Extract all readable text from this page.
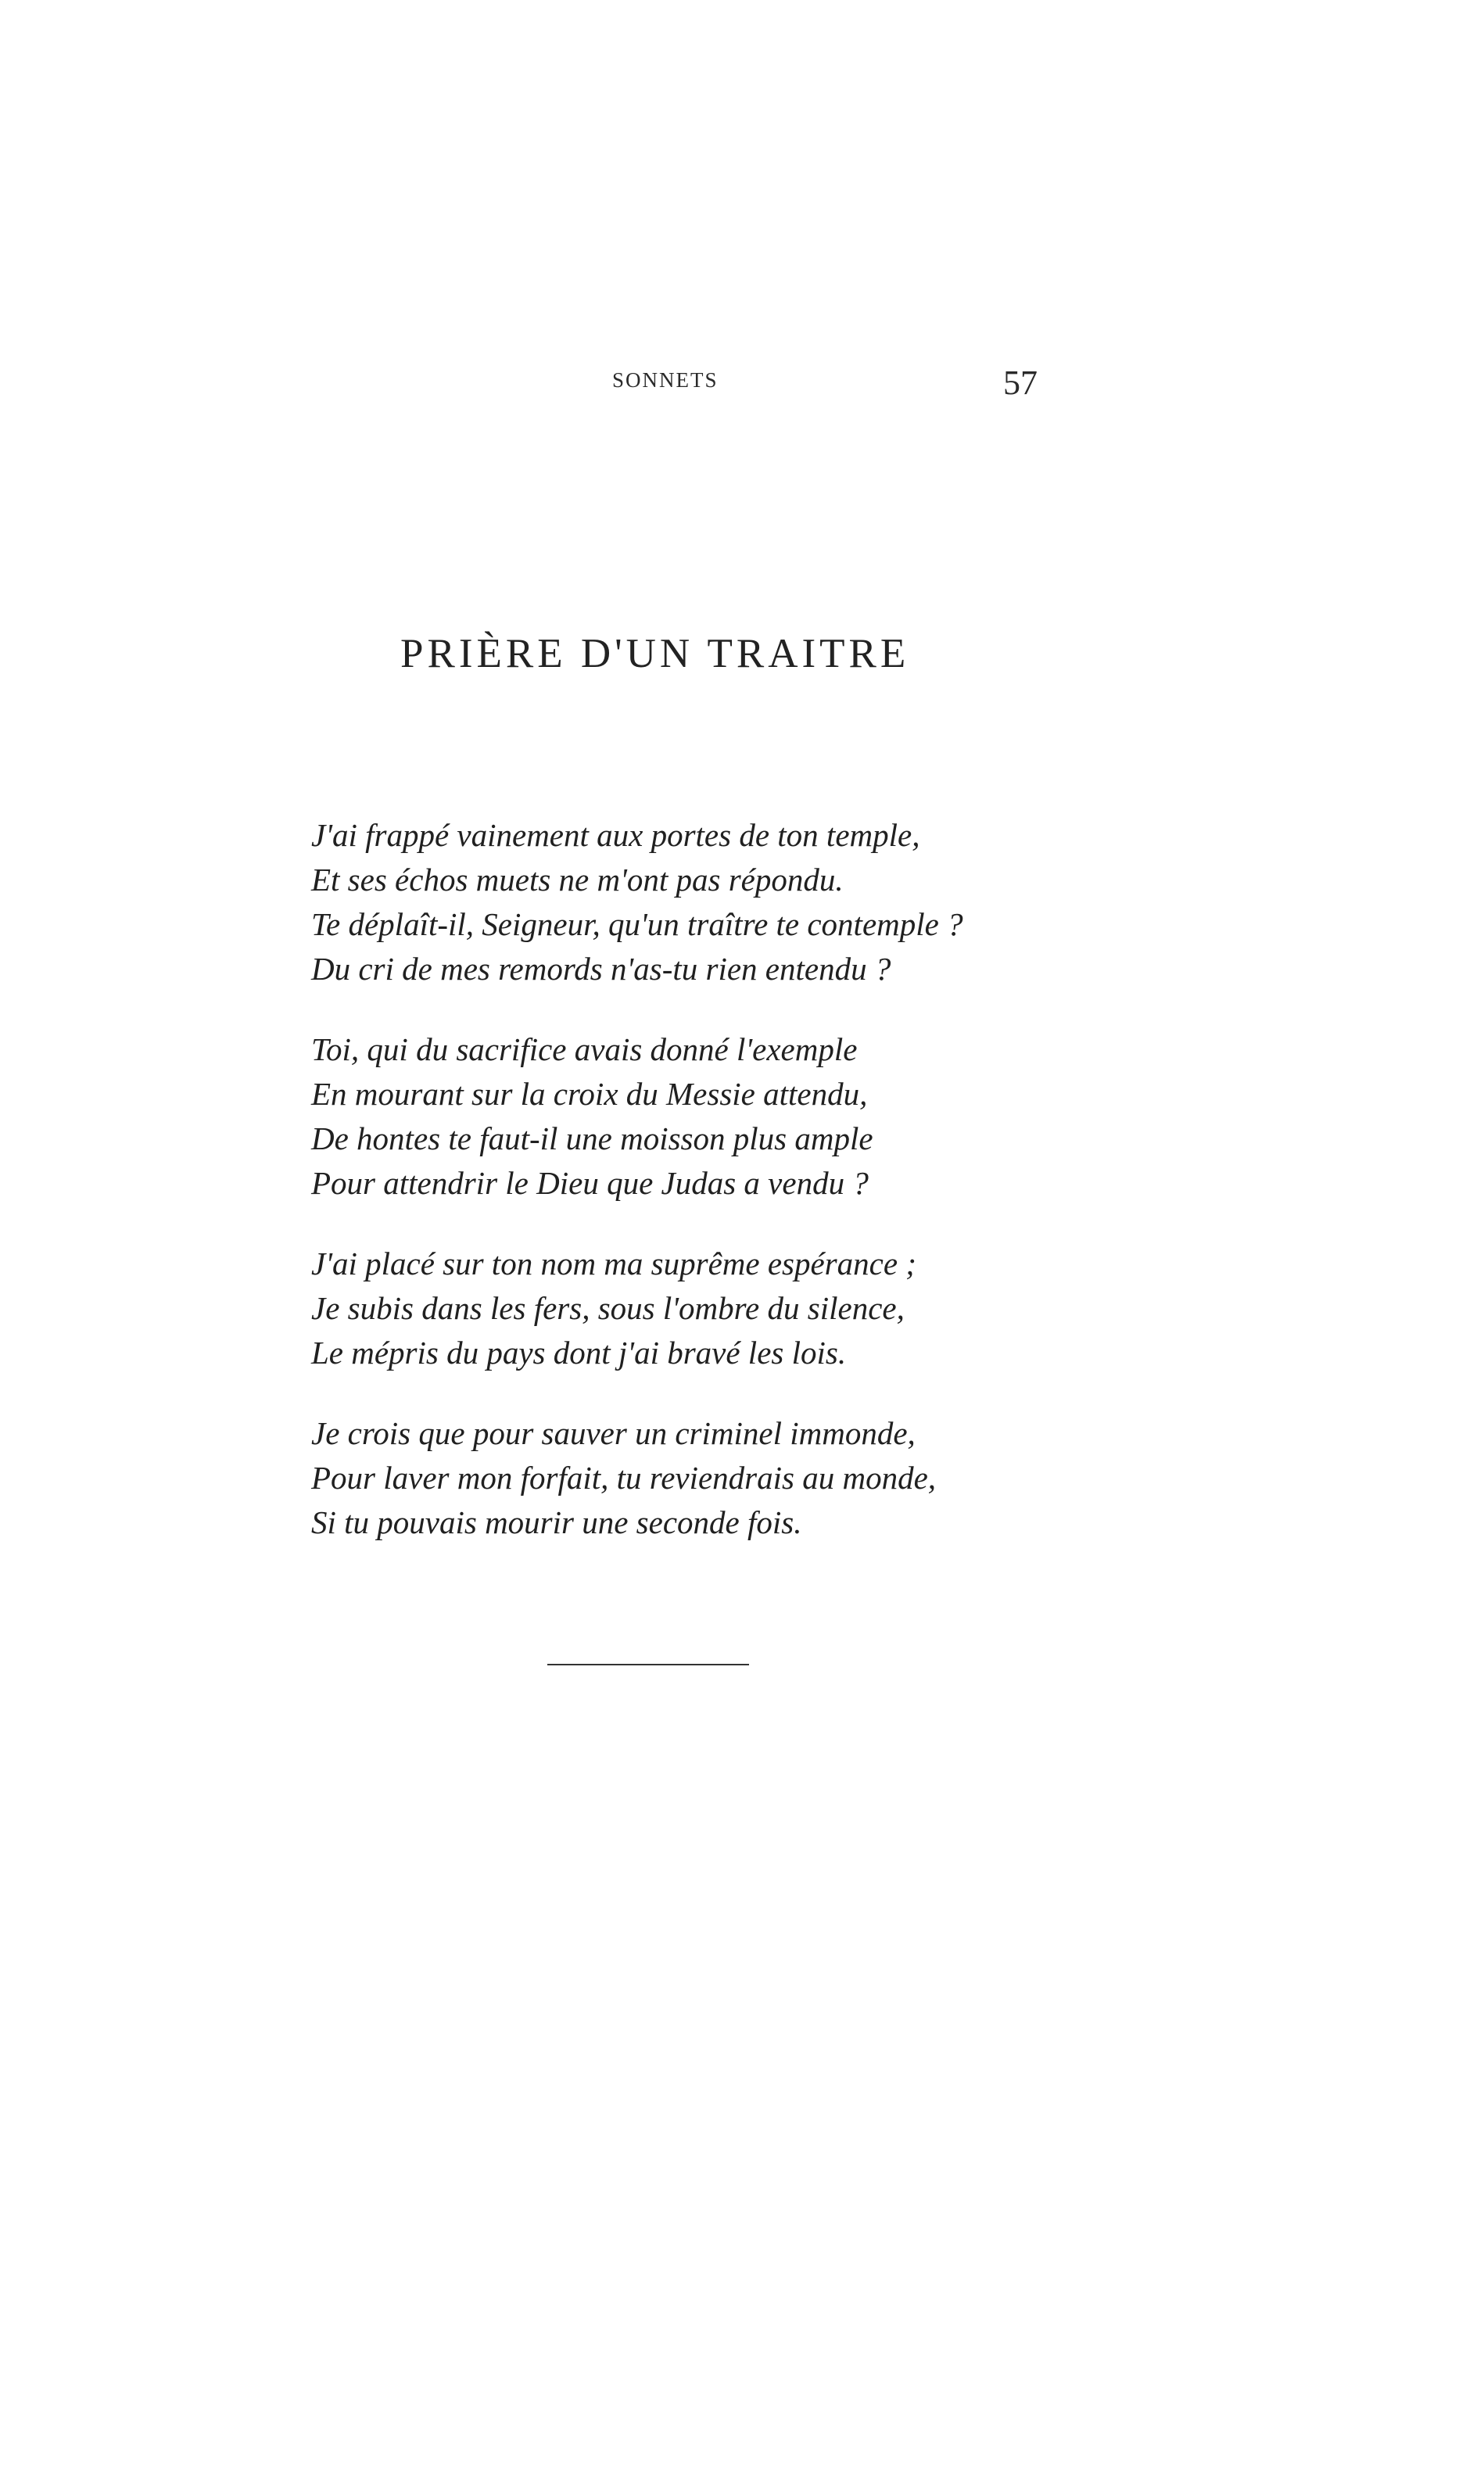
SONNETS	57
PRIÈRE D'UN TRAITRE
J'ai frappé vainement aux portes de ton temple,
Et ses échos muets ne m'ont pas répondu.
Te déplaît-il, Seigneur, qu'un traître te contemple ?
Du cri de mes remords n'as-tu rien entendu ?
Toi, qui du sacrifice avais donné l'exemple
En mourant sur la croix du Messie attendu,
De hontes te faut-il une moisson plus ample
Pour attendrir le Dieu que Judas a vendu ?
J'ai placé sur ton nom ma suprême espérance ;
Je subis dans les fers, sous l'ombre du silence,
Le mépris du pays dont j'ai bravé les lois.
Je crois que pour sauver un criminel immonde,
Pour laver mon forfait, tu reviendrais au monde,
Si tu pouvais mourir une seconde fois.
